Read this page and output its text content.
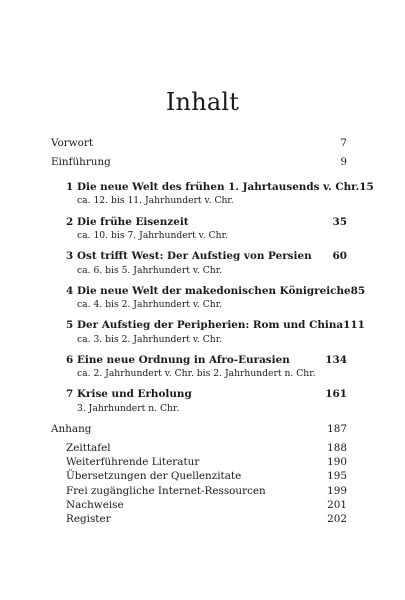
Inhalt
Vorwort	7
Einführung	9
1 Die neue Welt des frühen 1. Jahrtausends v. Chr. 15
ca. 12. bis 11. Jahrhundert v. Chr.
2 Die frühe Eisenzeit	35
ca. 10. bis 7. Jahrhundert v. Chr.
3 Ost trifft West: Der Aufstieg von Persien 60
ca. 6. bis 5. Jahrhundert v. Chr.
4 Die neue Welt der makedonischen Königreiche 85
ca. 4. bis 2. Jahrhundert v. Chr.
5 Der Aufstieg der Peripherien: Rom und China 111
ca. 3. bis 2. Jahrhundert v. Chr.
6 Eine neue Ordnung in Afro-Eurasien	134
ca. 2. Jahrhundert v. Chr. bis 2. Jahrhundert n. Chr.
7 Krise und Erholung	161
3. Jahrhundert n. Chr.
Anhang	187
Zeittafel	188
Weiterführende Literatur	190
Übersetzungen der Quellenzitate	195
Frei zugängliche Internet-Ressourcen	199
Nachweise	201
Register	202
